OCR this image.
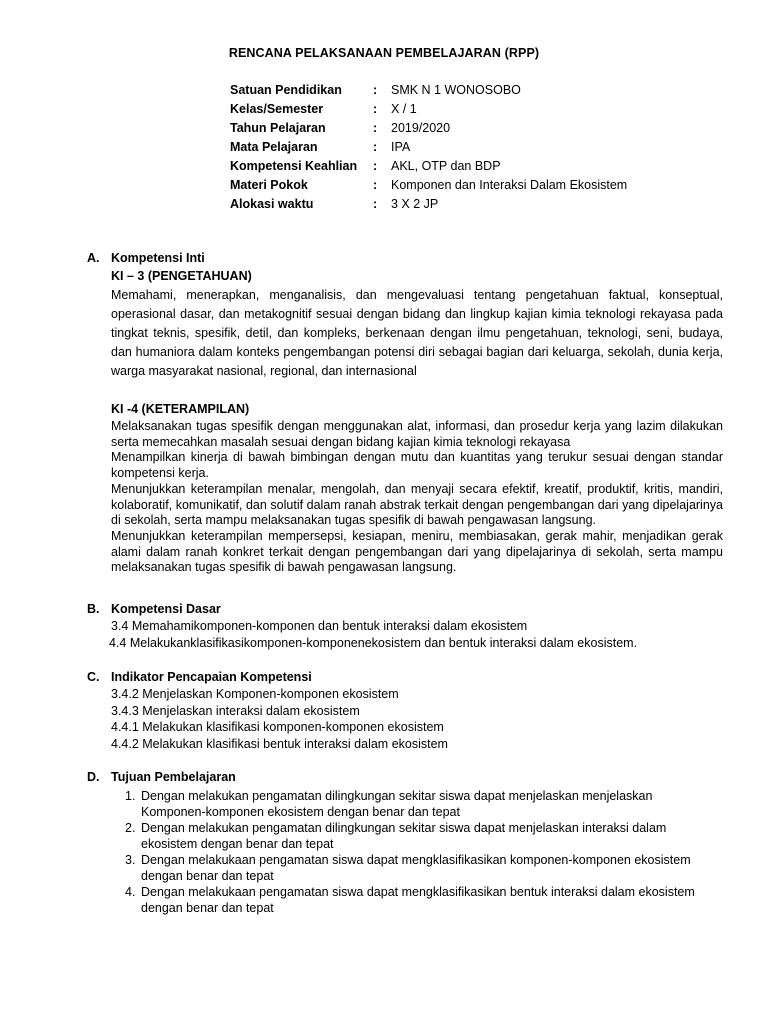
RENCANA PELAKSANAAN PEMBELAJARAN (RPP)
Satuan Pendidikan : SMK N 1 WONOSOBO
Kelas/Semester	: X / 1
Tahun Pelajaran	: 2019/2020
Mata Pelajaran	: IPA
Kompetensi Keahlian : AKL, OTP dan BDP
Materi Pokok	: Komponen dan Interaksi Dalam Ekosistem
Alokasi waktu	: 3 X 2 JP
A. Kompetensi Inti
KI – 3 (PENGETAHUAN)
Memahami, menerapkan, menganalisis, dan mengevaluasi tentang pengetahuan faktual, konseptual, operasional dasar, dan metakognitif sesuai dengan bidang dan lingkup kajian kimia teknologi rekayasa pada tingkat teknis, spesifik, detil, dan kompleks, berkenaan dengan ilmu pengetahuan, teknologi, seni, budaya, dan humaniora dalam konteks pengembangan potensi diri sebagai bagian dari keluarga, sekolah, dunia kerja, warga masyarakat nasional, regional, dan internasional
KI -4 (KETERAMPILAN)
Melaksanakan tugas spesifik dengan menggunakan alat, informasi, dan prosedur kerja yang lazim dilakukan serta memecahkan masalah sesuai dengan bidang kajian kimia teknologi rekayasa
Menampilkan kinerja di bawah bimbingan dengan mutu dan kuantitas yang terukur sesuai dengan standar kompetensi kerja.
Menunjukkan keterampilan menalar, mengolah, dan menyaji secara efektif, kreatif, produktif, kritis, mandiri, kolaboratif, komunikatif, dan solutif dalam ranah abstrak terkait dengan pengembangan dari yang dipelajarinya di sekolah, serta mampu melaksanakan tugas spesifik di bawah pengawasan langsung.
Menunjukkan keterampilan mempersepsi, kesiapan, meniru, membiasakan, gerak mahir, menjadikan gerak alami dalam ranah konkret terkait dengan pengembangan dari yang dipelajarinya di sekolah, serta mampu melaksanakan tugas spesifik di bawah pengawasan langsung.
B. Kompetensi Dasar
3.4 Memahamikomponen-komponen dan bentuk interaksi dalam ekosistem
4.4 Melakukanklasifikasikomponen-komponenekosistem dan bentuk interaksi dalam ekosistem.
C. Indikator Pencapaian Kompetensi
3.4.2 Menjelaskan Komponen-komponen ekosistem
3.4.3 Menjelaskan interaksi dalam ekosistem
4.4.1 Melakukan klasifikasi komponen-komponen ekosistem
4.4.2 Melakukan klasifikasi bentuk interaksi dalam ekosistem
D. Tujuan Pembelajaran
1. Dengan melakukan pengamatan dilingkungan sekitar siswa dapat menjelaskan menjelaskan Komponen-komponen ekosistem dengan benar dan tepat
2. Dengan melakukan pengamatan dilingkungan sekitar siswa dapat menjelaskan interaksi dalam ekosistem dengan benar dan tepat
3. Dengan melakukaan pengamatan siswa dapat mengklasifikasikan komponen-komponen ekosistem dengan benar dan tepat
4. Dengan melakukaan pengamatan siswa dapat mengklasifikasikan bentuk interaksi dalam ekosistem dengan benar dan tepat
